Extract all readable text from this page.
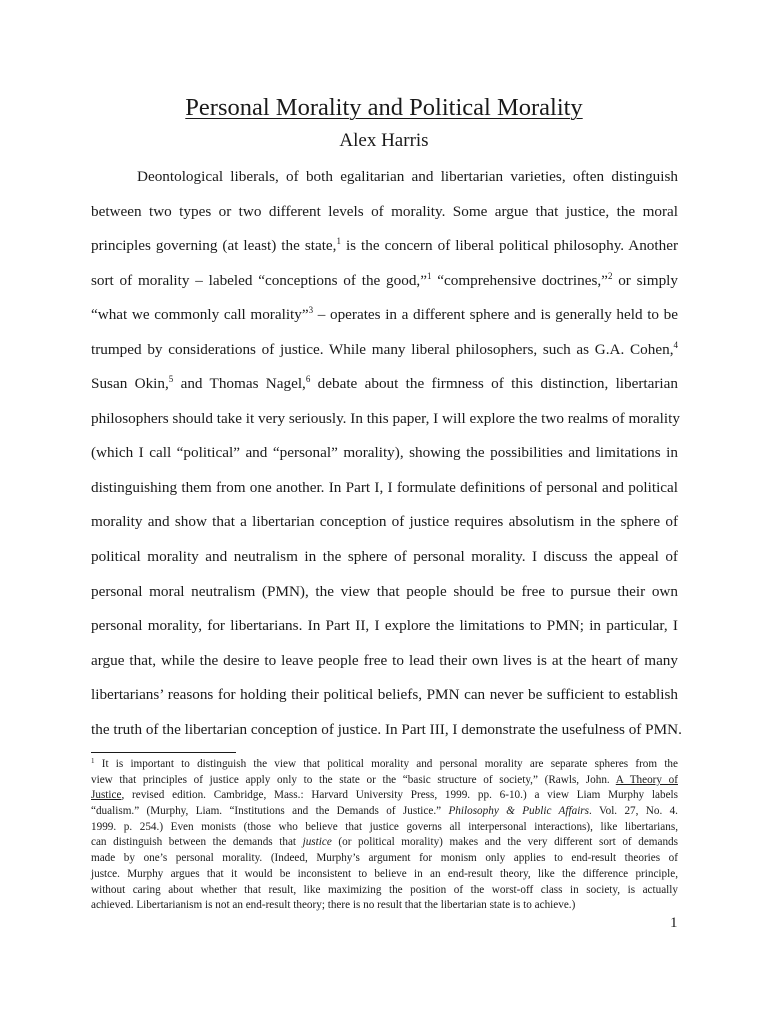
Personal Morality and Political Morality
Alex Harris
Deontological liberals, of both egalitarian and libertarian varieties, often distinguish
between two types or two different levels of morality. Some argue that justice, the moral
principles governing (at least) the state,$^1$ is the concern of liberal political philosophy. Another
sort of morality – labeled “conceptions of the good,”$^1$ “comprehensive doctrines,”$^2$ or simply
“what we commonly call morality”$^3$ – operates in a different sphere and is generally held to be
trumped by considerations of justice. While many liberal philosophers, such as G.A. Cohen,$^4$
Susan Okin,$^5$ and Thomas Nagel,$^6$ debate about the firmness of this distinction, libertarian
philosophers should take it very seriously. In this paper, I will explore the two realms of morality
(which I call “political” and “personal” morality), showing the possibilities and limitations in
distinguishing them from one another. In Part I, I formulate definitions of personal and political
morality and show that a libertarian conception of justice requires absolutism in the sphere of
political morality and neutralism in the sphere of personal morality. I discuss the appeal of
personal moral neutralism (PMN), the view that people should be free to pursue their own
personal morality, for libertarians. In Part II, I explore the limitations to PMN; in particular, I
argue that, while the desire to leave people free to lead their own lives is at the heart of many
libertarians’ reasons for holding their political beliefs, PMN can never be sufficient to establish
the truth of the libertarian conception of justice. In Part III, I demonstrate the usefulness of PMN.
$^1$ It is important to distinguish the view that political morality and personal morality are separate spheres from the
view that principles of justice apply only to the state or the “basic structure of society,” (Rawls, John. A Theory of
Justice, revised edition. Cambridge, Mass.: Harvard University Press, 1999. pp. 6-10.) a view Liam Murphy labels
“dualism.” (Murphy, Liam. “Institutions and the Demands of Justice.” Philosophy & Public Affairs. Vol. 27, No. 4.
1999. p. 254.) Even monists (those who believe that justice governs all interpersonal interactions), like libertarians,
can distinguish between the demands that justice (or political morality) makes and the very different sort of demands
made by one’s personal morality. (Indeed, Murphy’s argument for monism only applies to end-result theories of
justce. Murphy argues that it would be inconsistent to believe in an end-result theory, like the difference principle,
without caring about whether that result, like maximizing the position of the worst-off class in society, is actually
achieved. Libertarianism is not an end-result theory; there is no result that the libertarian state is to achieve.)
1
